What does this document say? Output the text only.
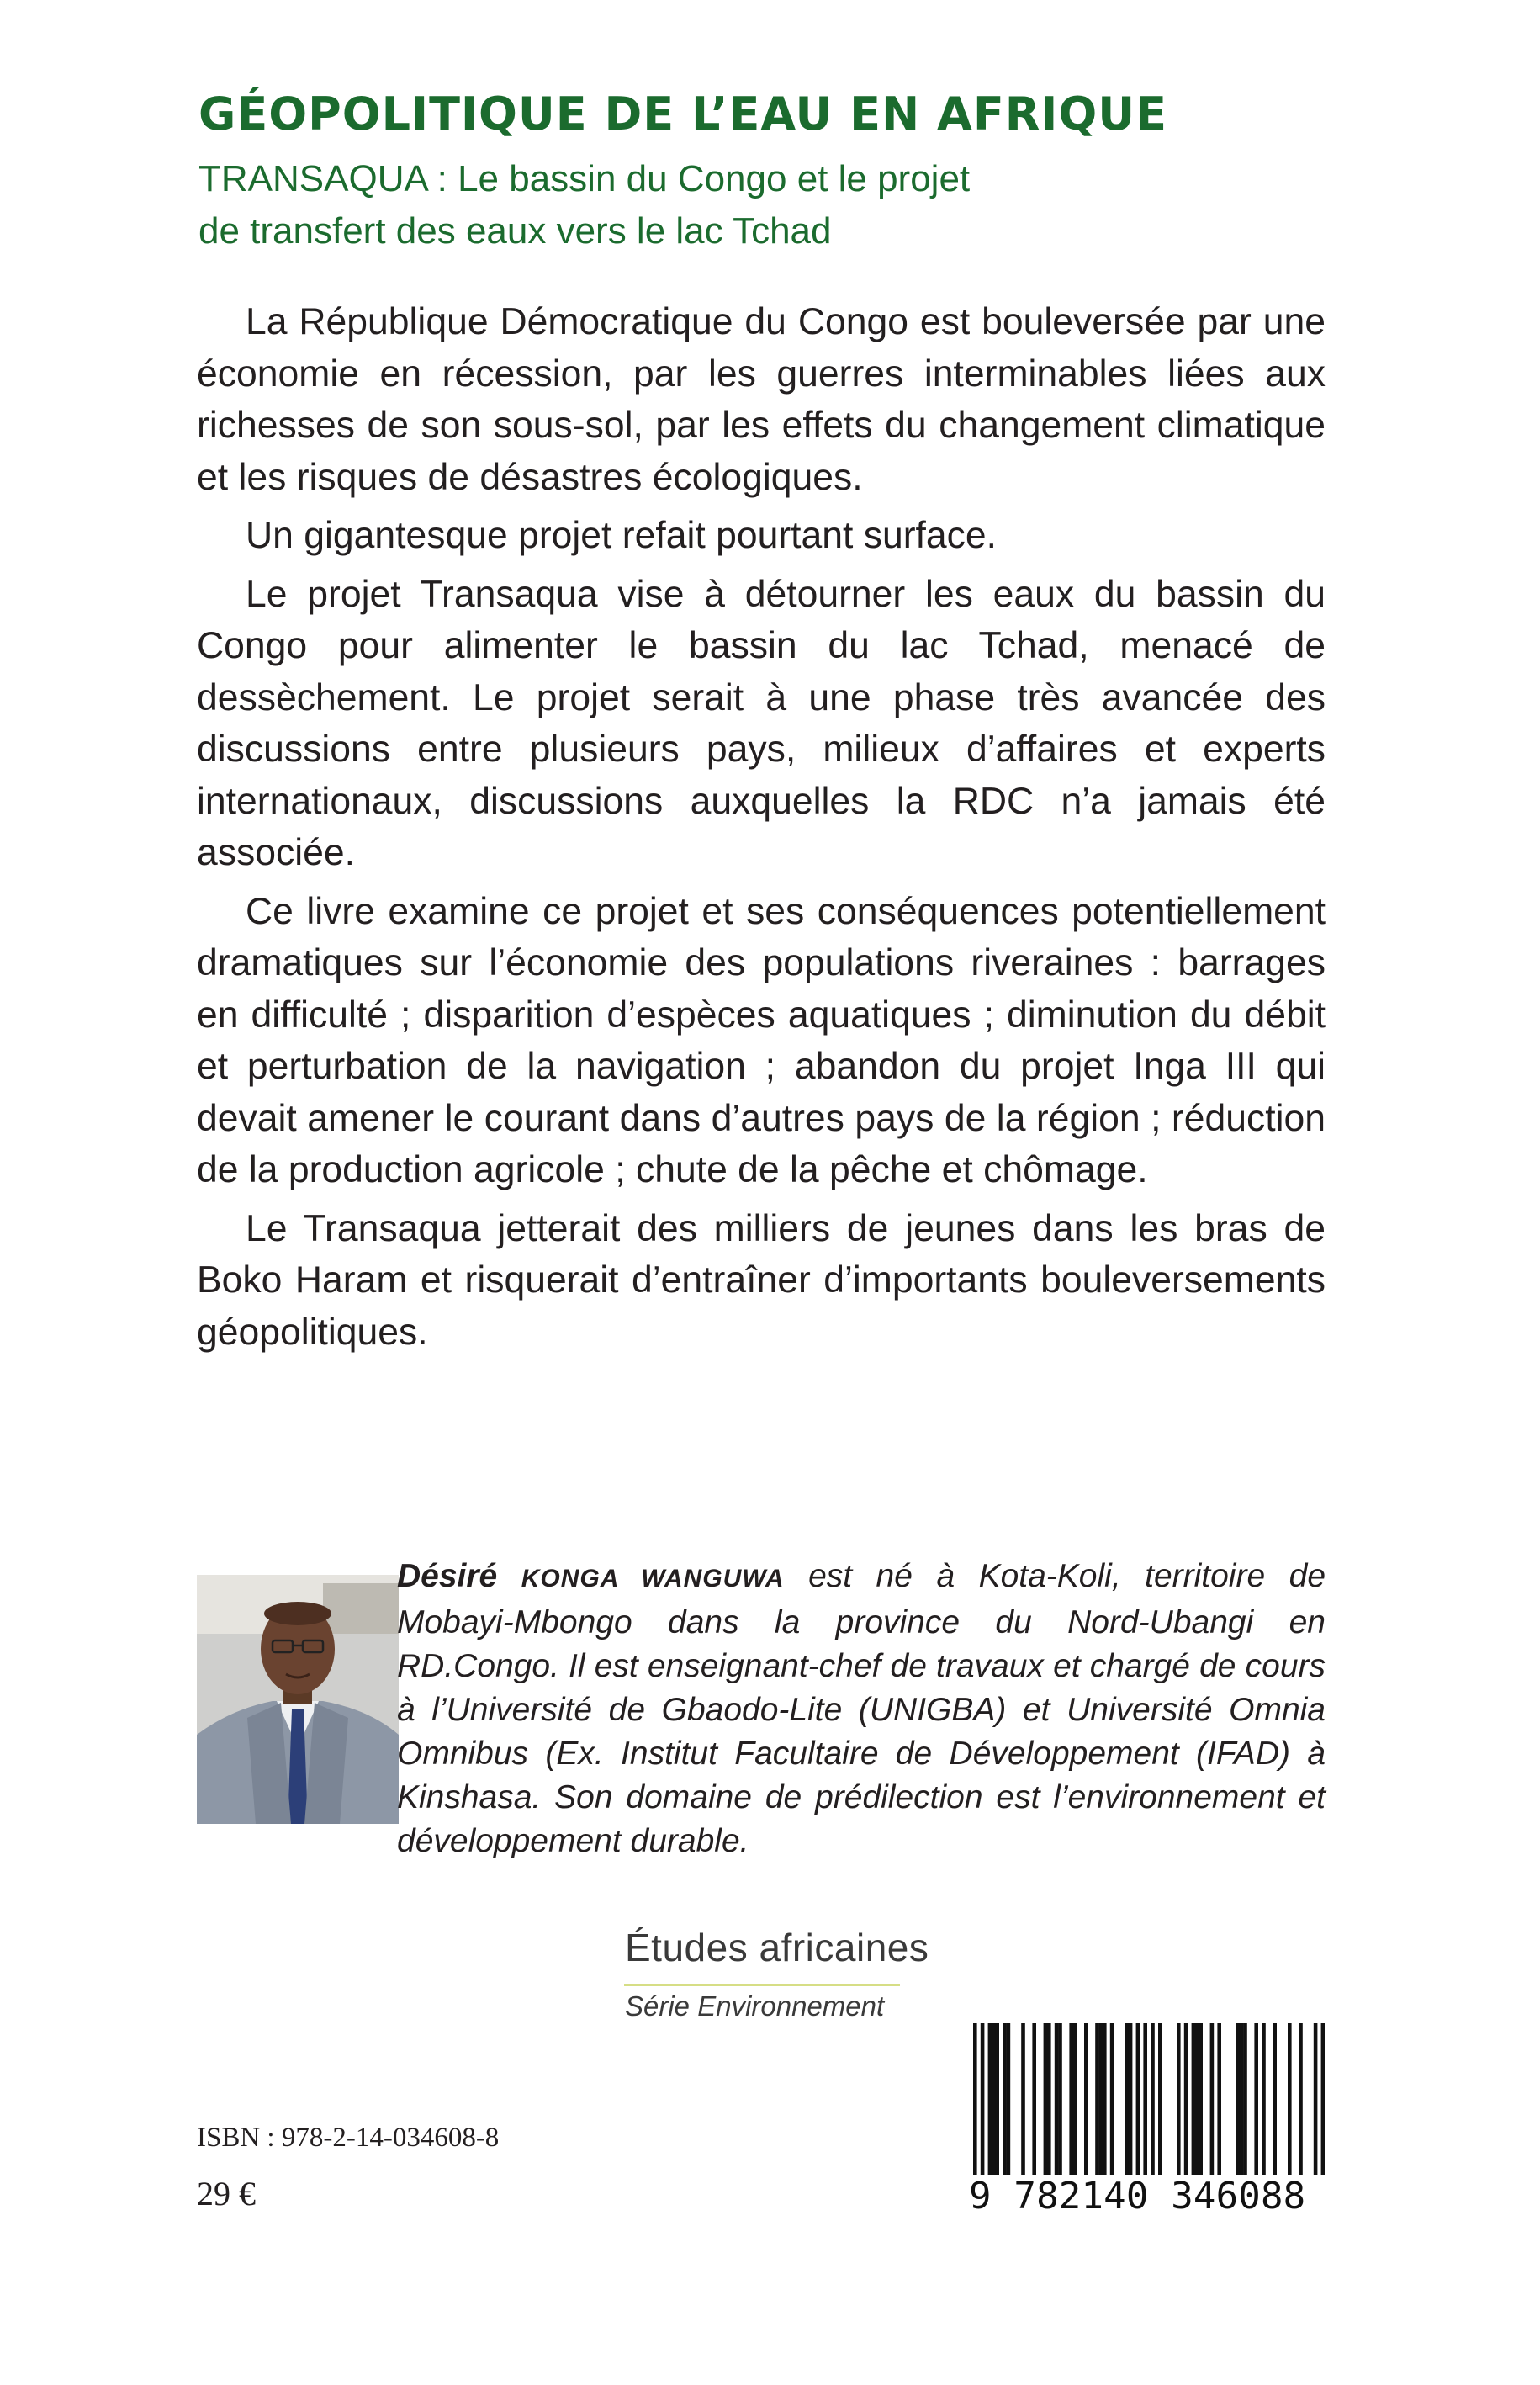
GÉOPOLITIQUE DE L’EAU EN AFRIQUE
TRANSAQUA : Le bassin du Congo et le projet
de transfert des eaux vers le lac Tchad

La République Démocratique du Congo est bouleversée par une économie en récession, par les guerres interminables liées aux richesses de son sous-sol, par les effets du changement climatique et les risques de désastres écologiques.

Un gigantesque projet refait pourtant surface.

Le projet Transaqua vise à détourner les eaux du bassin du Congo pour alimenter le bassin du lac Tchad, menacé de dessèchement. Le projet serait à une phase très avancée des discussions entre plusieurs pays, milieux d’affaires et experts internationaux, discussions auxquelles la RDC n’a jamais été associée.

Ce livre examine ce projet et ses conséquences potentiellement dramatiques sur l’économie des populations riveraines : barrages en difficulté ; disparition d’espèces aquatiques ; diminution du débit et perturbation de la navigation ; abandon du projet Inga III qui devait amener le courant dans d’autres pays de la région ; réduction de la production agricole ; chute de la pêche et chômage.

Le Transaqua jetterait des milliers de jeunes dans les bras de Boko Haram et risquerait d’entraîner d’importants bouleversements géopolitiques.

Désiré KONGA WANGUWA est né à Kota-Koli, territoire de Mobayi-Mbongo dans la province du Nord-Ubangi en RD.Congo. Il est enseignant-chef de travaux et chargé de cours à l’Université de Gbaodo-Lite (UNIGBA) et Université Omnia Omnibus (Ex. Institut Facultaire de Développement (IFAD) à Kinshasa. Son domaine de prédilection est l’environnement et développement durable.
Études africaines
Série Environnement
ISBN : 978-2-14-034608-8
29 €	9 782140 346088
